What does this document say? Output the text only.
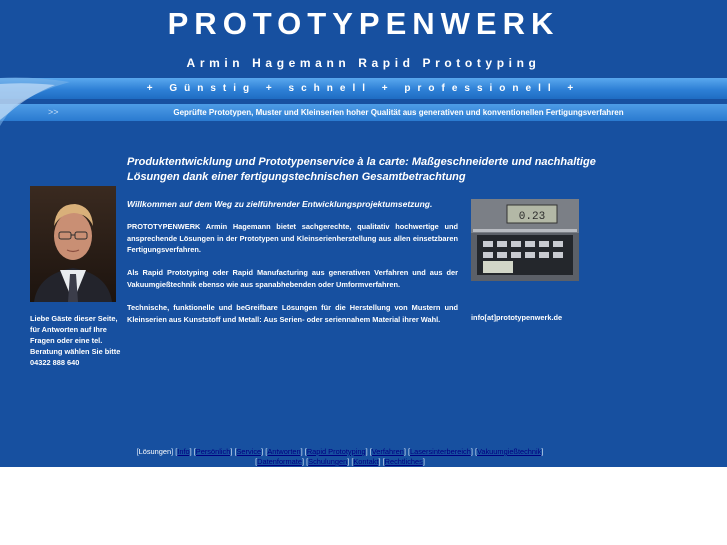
PROTOTYPENWERK
Armin Hagemann Rapid Prototyping
+ Günstig + schnell + professionell +
>>	Geprüfte Prototypen, Muster und Kleinserien hoher Qualität aus generativen und konventionellen Fertigungsverfahren
Produktentwicklung und Prototypenservice à la carte: Maßgeschneiderte und nachhaltige Lösungen dank einer fertigungstechnischen Gesamtbetrachtung
Willkommen auf dem Weg zu zielführender Entwicklungsprojektumsetzung.
PROTOTYPENWERK Armin Hagemann bietet sachgerechte, qualitativ hochwertige und ansprechende Lösungen in der Prototypen und Kleinserienherstellung aus allen einsetzbaren Fertigungsverfahren.
Als Rapid Prototyping oder Rapid Manufacturing aus generativen Verfahren und aus der Vakuumgießtechnik ebenso wie aus spanabhebenden oder Umformverfahren.
Technische, funktionelle und beGreifbare Lösungen für die Herstellung von Mustern und Kleinserien aus Kunststoff und Metall: Aus Serien- oder seriennahem Material ihrer Wahl.
Liebe Gäste dieser Seite, für Antworten auf Ihre Fragen oder eine tel. Beratung wählen Sie bitte 04322 888 640
0.23
info[at]prototypenwerk.de
[Lösungen] [Info] [Persönlich] [Service] [Antworten] [Rapid Prototyping] [Verfahren] [Lasersinterbereich] [Vakuumgießtechnik]
[Datenformate] [Schulungen] [Kontakt] [Rechtliches]
